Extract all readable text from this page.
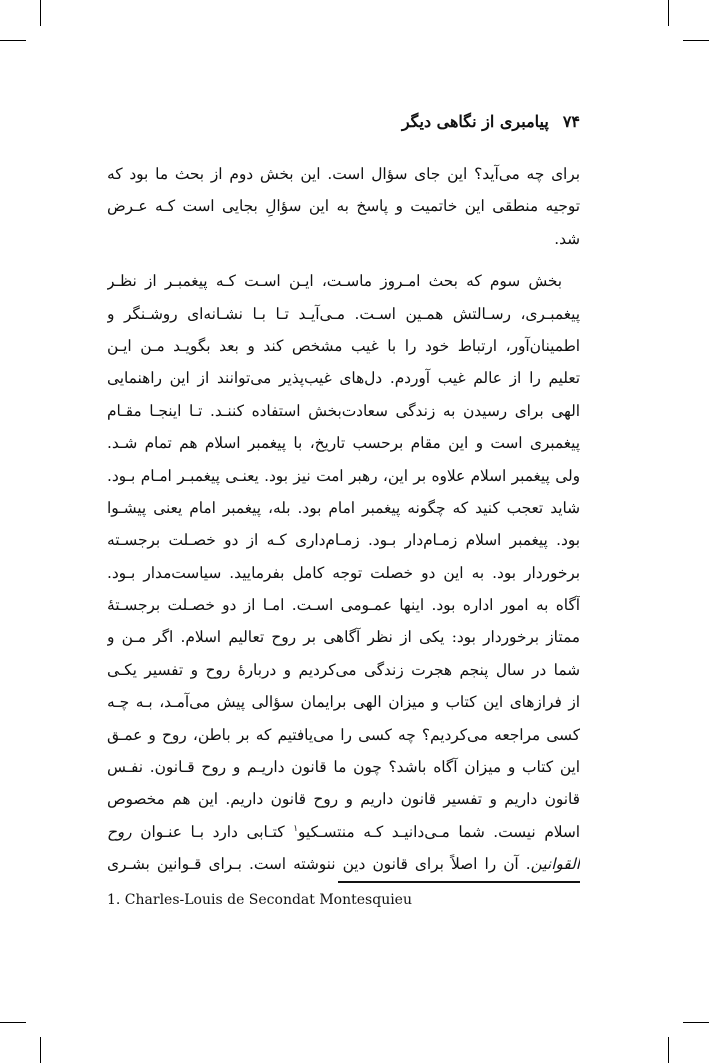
۷۴
پیامبری از نگاهی دیگر
برای چه می‌آید؟ این جای سؤال است. این بخش دوم از بحث ما بود که
توجیه منطقی این خاتمیت و پاسخ به این سؤالِ بجایی است کـه عـرض
شد.
بخش سوم که بحث امـروز ماسـت، ایـن اسـت کـه پیغمبـر از نظـر
پیغمبـری، رسـالتش همـین اسـت. مـی‌آیـد تـا بـا نشـانه‌ای روشـنگر و
اطمینان‌آور، ارتباط خود را با غیب مشخص کند و بعد بگویـد مـن ایـن
تعلیم را از عالم غیب آوردم. دل‌های غیب‌پذیر می‌توانند از این راهنمایی
الهی برای رسیدن به زندگی سعادت‌بخش استفاده کننـد. تـا اینجـا مقـام
پیغمبری است و این مقام برحسب تاریخ، با پیغمبر اسلام هم تمام شـد.
ولی پیغمبر اسلام علاوه بر این، رهبر امت نیز بود. یعنـی پیغمبـر امـام بـود.
شاید تعجب کنید که چگونه پیغمبر امام بود. بله، پیغمبر امام یعنی پیشـوا
بود. پیغمبر اسلام زمـام‌دار بـود. زمـام‌داری کـه از دو خصـلت برجسـته
برخوردار بود. به این دو خصلت توجه کامل بفرمایید. سیاست‌مدار بـود.
آگاه به امور اداره بود. اینها عمـومی اسـت. امـا از دو خصـلت برجسـتهٔ
ممتاز برخوردار بود: یکی از نظر آگاهی بر روح تعالیم اسلام. اگر مـن و
شما در سال پنجم هجرت زندگی می‌کردیم و دربارهٔ روح و تفسیر یکـی
از فرازهای این کتاب و میزان الهی برایمان سؤالی پیش می‌آمـد، بـه چـه
کسی مراجعه می‌کردیم؟ چه کسی را می‌یافتیم که بر باطن، روح و عمـق
این کتاب و میزان آگاه باشد؟ چون ما قانون داریـم و روح قـانون. نفـس
قانون داریم و تفسیر قانون داریم و روح قانون داریم. این هم مخصوص
اسلام نیست. شما مـی‌دانیـد کـه منتسـکیو$^۱$ کتـابی دارد بـا عنـوان روح
القوانین. آن را اصلاً برای قانون دین ننوشته است. بـرای قـوانین بشـری
1. Charles-Louis de Secondat Montesquieu
